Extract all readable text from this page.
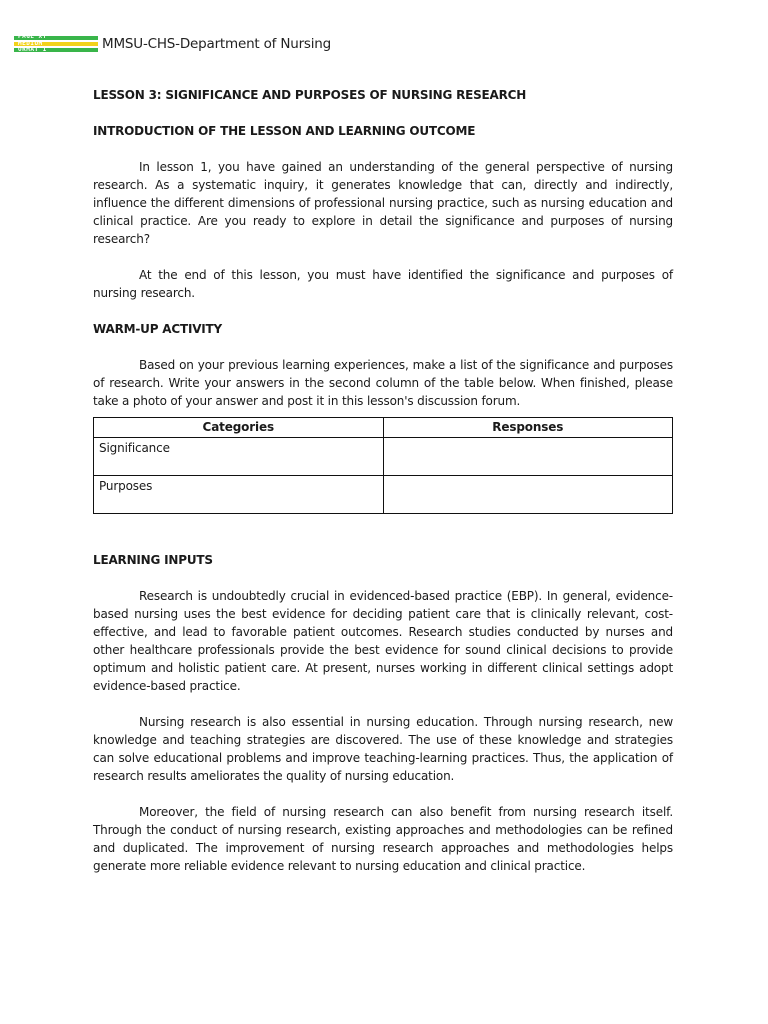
PAGE XT
MEDIUM
ORMAT 1	MMSU-CHS-Department of Nursing
LESSON 3: SIGNIFICANCE AND PURPOSES OF NURSING RESEARCH
INTRODUCTION OF THE LESSON AND LEARNING OUTCOME

In lesson 1, you have gained an understanding of the general perspective of nursing research. As a systematic inquiry, it generates knowledge that can, directly and indirectly, influence the different dimensions of professional nursing practice, such as nursing education and clinical practice. Are you ready to explore in detail the significance and purposes of nursing research?

At the end of this lesson, you must have identified the significance and purposes of nursing research.

WARM-UP ACTIVITY

Based on your previous learning experiences, make a list of the significance and purposes of research. Write your answers in the second column of the table below. When finished, please take a photo of your answer and post it in this lesson's discussion forum.

Categories	Responses
Significance	
Purposes	
LEARNING INPUTS

Research is undoubtedly crucial in evidenced-based practice (EBP). In general, evidence-based nursing uses the best evidence for deciding patient care that is clinically relevant, cost-effective, and lead to favorable patient outcomes. Research studies conducted by nurses and other healthcare professionals provide the best evidence for sound clinical decisions to provide optimum and holistic patient care. At present, nurses working in different clinical settings adopt evidence-based practice.

Nursing research is also essential in nursing education. Through nursing research, new knowledge and teaching strategies are discovered. The use of these knowledge and strategies can solve educational problems and improve teaching-learning practices. Thus, the application of research results ameliorates the quality of nursing education.

Moreover, the field of nursing research can also benefit from nursing research itself. Through the conduct of nursing research, existing approaches and methodologies can be refined and duplicated. The improvement of nursing research approaches and methodologies helps generate more reliable evidence relevant to nursing education and clinical practice.
